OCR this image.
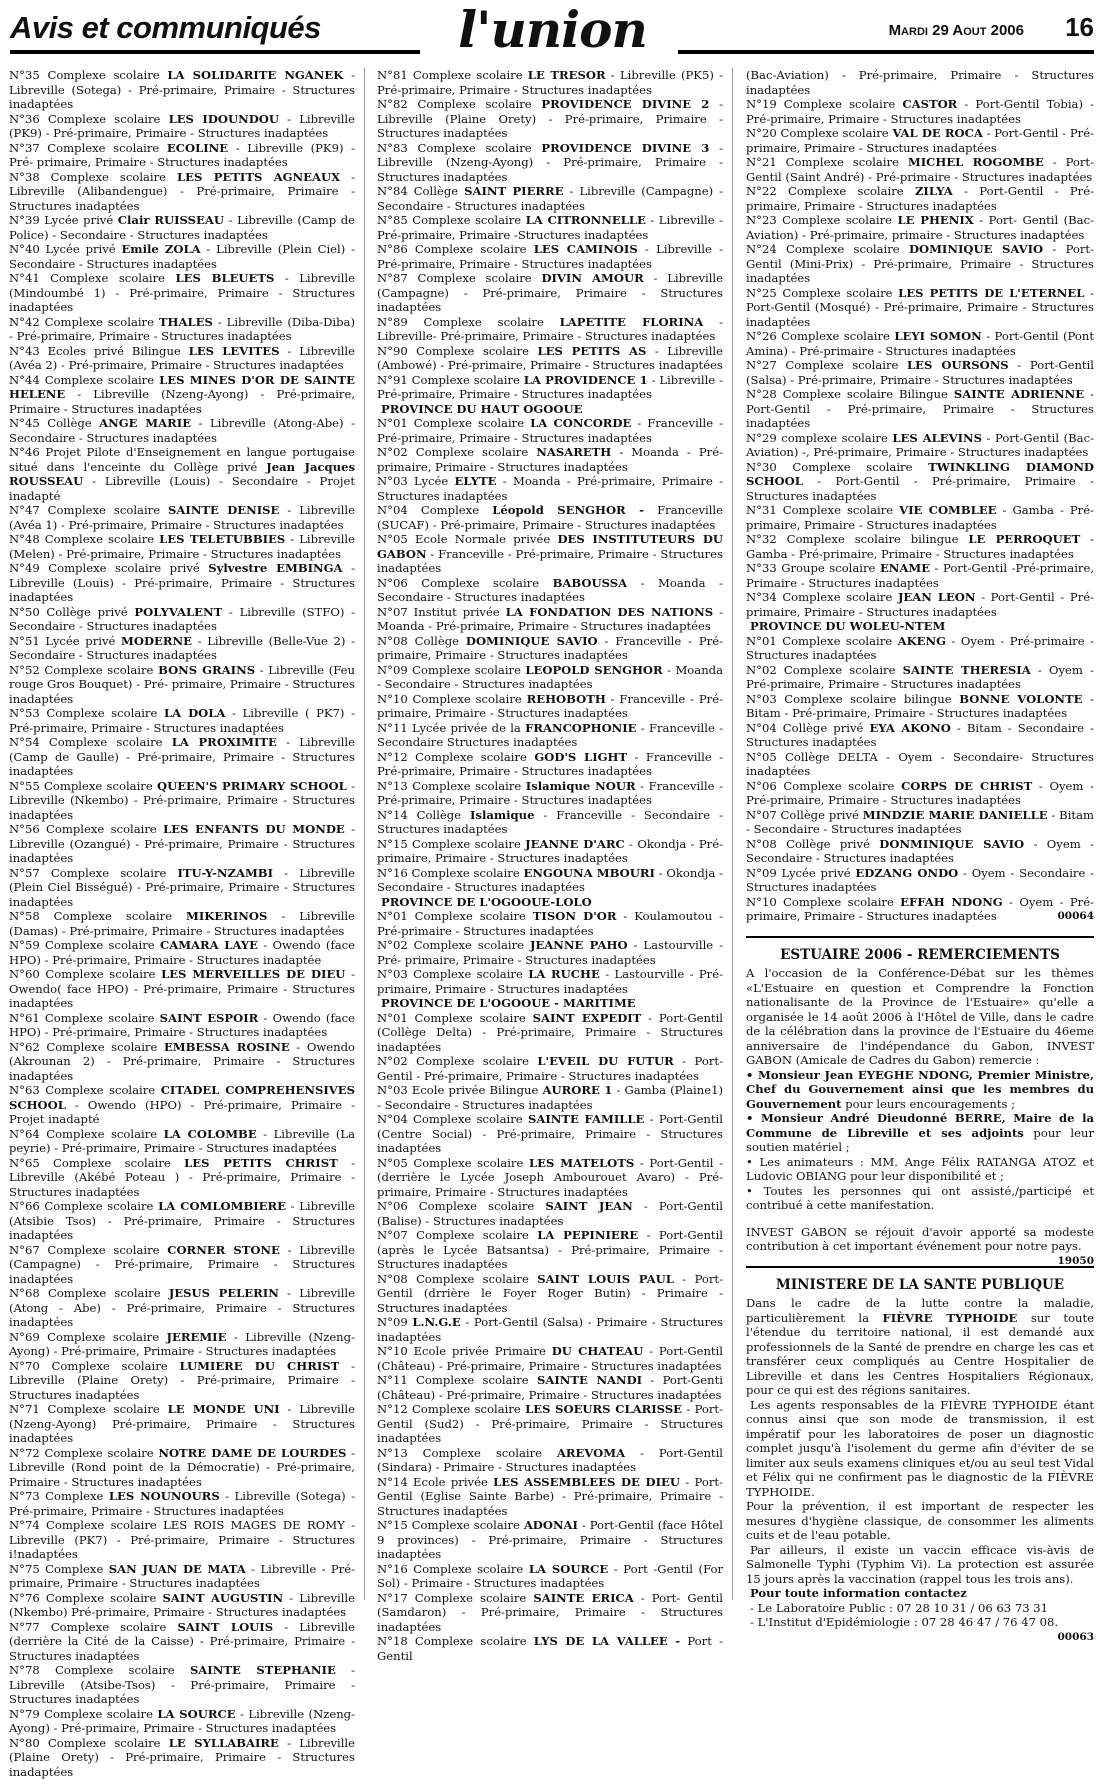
Avis et communiqués	l'union	Mardi 29 Aout 2006 16

N°35 Complexe scolaire LA SOLIDARITE NGANEK - Libreville (Sotega) - Pré-primaire, Primaire - Structures inadaptées

N°36 Complexe scolaire LES IDOUNDOU - Libreville (PK9) - Pré-primaire, Primaire - Structures inadaptées

N°37 Complexe scolaire ECOLINE - Libreville (PK9) - Pré- primaire, Primaire - Structures inadaptées

N°38 Complexe scolaire LES PETITS AGNEAUX - Libreville (Alibandengue) - Pré-primaire, Primaire - Structures inadaptées

N°39 Lycée privé Clair RUISSEAU - Libreville (Camp de Police) - Secondaire - Structures inadaptées

N°40 Lycée privé Emile ZOLA - Libreville (Plein Ciel) - Secondaire - Structures inadaptées

N°41 Complexe scolaire LES BLEUETS - Libreville (Mindoumbé 1) - Pré-primaire, Primaire - Structures inadaptées

N°42 Complexe scolaire THALES - Libreville (Diba-Diba) - Pré-primaire, Primaire - Structures inadaptées

N°43 Ecoles privé Bilingue LES LEVITES - Libreville (Avéa 2) - Pré-primaire, Primaire - Structures inadaptées

N°44 Complexe scolaire LES MINES D'OR DE SAINTE HELENE - Libreville (Nzeng-Ayong) - Pré-primaire, Primaire - Structures inadaptées

N°45 Collège ANGE MARIE - Libreville (Atong-Abe) - Secondaire - Structures inadaptées

N°46 Projet Pilote d'Enseignement en langue portugaise situé dans l'enceinte du Collège privé Jean Jacques ROUSSEAU - Libreville (Louis) - Secondaire - Projet inadapté

N°47 Complexe scolaire SAINTE DENISE - Libreville (Avéa 1) - Pré-primaire, Primaire - Structures inadaptées

N°48 Complexe scolaire LES TELETUBBIES - Libreville (Melen) - Pré-primaire, Primaire - Structures inadaptées

N°49 Complexe scolaire privé Sylvestre EMBINGA - Libreville (Louis) - Pré-primaire, Primaire - Structures inadaptées

N°50 Collège privé POLYVALENT - Libreville (STFO) - Secondaire - Structures inadaptées

N°51 Lycée privé MODERNE - Libreville (Belle-Vue 2) - Secondaire - Structures inadaptées

N°52 Complexe scolaire BONS GRAINS - Libreville (Feu rouge Gros Bouquet) - Pré- primaire, Primaire - Structures inadaptées

N°53 Complexe scolaire LA DOLA - Libreville ( PK7) - Pré-primaire, Primaire - Structures inadaptées

N°54 Complexe scolaire LA PROXIMITE - Libreville (Camp de Gaulle) - Pré-primaire, Primaire - Structures inadaptées

N°55 Complexe scolaire QUEEN'S PRIMARY SCHOOL - Libreville (Nkembo) - Pré-primaire, Primaire - Structures inadaptées

N°56 Complexe scolaire LES ENFANTS DU MONDE - Libreville (Ozangué) - Pré-primaire, Primaire - Structures inadaptées

N°57 Complexe scolaire ITU-Y-NZAMBI - Libreville (Plein Ciel Bisségué) - Pré-primaire, Primaire - Structures inadaptées

N°58 Complexe scolaire MIKERINOS - Libreville (Damas) - Pré-primaire, Primaire - Structures inadaptées

N°59 Complexe scolaire CAMARA LAYE - Owendo (face HPO) - Pré-primaire, Primaire - Structures inadaptée

N°60 Complexe scolaire LES MERVEILLES DE DIEU - Owendo( face HPO) - Pré-primaire, Primaire - Structures inadaptées

N°61 Complexe scolaire SAINT ESPOIR - Owendo (face HPO) - Pré-primaire, Primaire - Structures inadaptées

N°62 Complexe scolaire EMBESSA ROSINE - Owendo (Akrounan 2) - Pré-primaire, Primaire - Structures inadaptées

N°63 Complexe scolaire CITADEL COMPREHENSIVES SCHOOL - Owendo (HPO) - Pré-primaire, Primaire - Projet inadapté

N°64 Complexe scolaire LA COLOMBE - Libreville (La peyrie) - Pré-primaire, Primaire - Structures inadaptées

N°65 Complexe scolaire LES PETITS CHRIST - Libreville (Akébé Poteau ) - Pré-primaire, Primaire - Structures inadaptées

N°66 Complexe scolaire LA COMLOMBIERE - Libreville (Atsibie Tsos) - Pré-primaire, Primaire - Structures inadaptées

N°67 Complexe scolaire CORNER STONE - Libreville (Campagne) - Pré-primaire, Primaire - Structures inadaptées

N°68 Complexe scolaire JESUS PELERIN - Libreville (Atong - Abe) - Pré-primaire, Primaire - Structures inadaptées

N°69 Complexe scolaire JEREMIE - Libreville (Nzeng-Ayong) - Pré-primaire, Primaire - Structures inadaptées

N°70 Complexe scolaire LUMIERE DU CHRIST - Libreville (Plaine Orety) - Pré-primaire, Primaire - Structures inadaptées

N°71 Complexe scolaire LE MONDE UNI - Libreville (Nzeng-Ayong) Pré-primaire, Primaire - Structures inadaptées

N°72 Complexe scolaire NOTRE DAME DE LOURDES - Libreville (Rond point de la Démocratie) - Pré-primaire, Primaire - Structures inadaptées

N°73 Complexe LES NOUNOURS - Libreville (Sotega) - Pré-primaire, Primaire - Structures inadaptées

N°74 Complexe scolaire LES ROIS MAGES DE ROMY - Libreville (PK7) - Pré-primaire, Primaire - Structures i!nadaptées

N°75 Complexe SAN JUAN DE MATA - Libreville - Pré-primaire, Primaire - Structures inadaptées

N°76 Complexe scolaire SAINT AUGUSTIN - Libreville (Nkembo) Pré-primaire, Primaire - Structures inadaptées

N°77 Complexe scolaire SAINT LOUIS - Libreville (derrière la Cité de la Caisse) - Pré-primaire, Primaire - Structures inadaptées

N°78 Complexe scolaire SAINTE STEPHANIE - Libreville (Atsibe-Tsos) - Pré-primaire, Primaire - Structures inadaptées

N°79 Complexe scolaire LA SOURCE - Libreville (Nzeng-Ayong) - Pré-primaire, Primaire - Structures inadaptées

N°80 Complexe scolaire LE SYLLABAIRE - Libreville (Plaine Orety) - Pré-primaire, Primaire - Structures inadaptées

N°81 Complexe scolaire LE TRESOR - Libreville (PK5) - Pré-primaire, Primaire - Structures inadaptées

N°82 Complexe scolaire PROVIDENCE DIVINE 2 - Libreville (Plaine Orety) - Pré-primaire, Primaire - Structures inadaptées

N°83 Complexe scolaire PROVIDENCE DIVINE 3 - Libreville (Nzeng-Ayong) - Pré-primaire, Primaire - Structures inadaptées

N°84 Collège SAINT PIERRE - Libreville (Campagne) - Secondaire - Structures inadaptées

N°85 Complexe scolaire LA CITRONNELLE - Libreville - Pré-primaire, Primaire -Structures inadaptées

N°86 Complexe scolaire LES CAMINOIS - Libreville - Pré-primaire, Primaire - Structures inadaptées

N°87 Complexe scolaire DIVIN AMOUR - Libreville (Campagne) - Pré-primaire, Primaire - Structures inadaptées

N°89 Complexe scolaire LAPETITE FLORINA - Libreville- Pré-primaire, Primaire - Structures inadaptées

N°90 Complexe scolaire LES PETITS AS - Libreville (Ambowé) - Pré-primaire, Primaire - Structures inadaptées

N°91 Complexe scolaire LA PROVIDENCE 1 - Libreville - Pré-primaire, Primaire - Structures inadaptées

PROVINCE DU HAUT OGOOUE

N°01 Complexe scolaire LA CONCORDE - Franceville - Pré-primaire, Primaire - Structures inadaptées

N°02 Complexe scolaire NASARETH - Moanda - Pré-primaire, Primaire - Structures inadaptées

N°03 Lycée ELYTE - Moanda - Pré-primaire, Primaire - Structures inadaptées

N°04 Complexe Léopold SENGHOR - Franceville (SUCAF) - Pré-primaire, Primaire - Structures inadaptées

N°05 Ecole Normale privée DES INSTITUTEURS DU GABON - Franceville - Pré-primaire, Primaire - Structures inadaptées

N°06 Complexe scolaire BABOUSSA - Moanda - Secondaire - Structures inadaptées

N°07 Institut privée LA FONDATION DES NATIONS - Moanda - Pré-primaire, Primaire - Structures inadaptées

N°08 Collège DOMINIQUE SAVIO - Franceville - Pré-primaire, Primaire - Structures inadaptées

N°09 Complexe scolaire LEOPOLD SENGHOR - Moanda - Secondaire - Structures inadaptées

N°10 Complexe scolaire REHOBOTH - Franceville - Pré-primaire, Primaire - Structures inadaptées

N°11 Lycée privée de la FRANCOPHONIE - Franceville - Secondaire Structures inadaptées

N°12 Complexe scolaire GOD'S LIGHT - Franceville - Pré-primaire, Primaire - Structures inadaptées

N°13 Complexe scolaire Islamique NOUR - Franceville - Pré-primaire, Primaire - Structures inadaptées

N°14 Collège Islamique - Franceville - Secondaire - Structures inadaptées

N°15 Complexe scolaire JEANNE D'ARC - Okondja - Pré-primaire, Primaire - Structures inadaptées

N°16 Complexe scolaire ENGOUNA MBOURI - Okondja - Secondaire - Structures inadaptées

PROVINCE DE L'OGOOUE-LOLO

N°01 Complexe scolaire TISON D'OR - Koulamoutou - Pré-primaire - Structures inadaptées

N°02 Complexe scolaire JEANNE PAHO - Lastourville - Pré- primaire, Primaire - Structures inadaptées

N°03 Complexe scolaire LA RUCHE - Lastourville - Pré-primaire, Primaire - Structures inadaptées

PROVINCE DE L'OGOOUE - MARITIME

N°01 Complexe scolaire SAINT EXPEDIT - Port-Gentil (Collège Delta) - Pré-primaire, Primaire - Structures inadaptées

N°02 Complexe scolaire L'EVEIL DU FUTUR - Port-Gentil - Pré-primaire, Primaire - Structures inadaptées

N°03 Ecole privée Bilingue AURORE 1 - Gamba (Plaine1) - Secondaire - Structures inadaptées

N°04 Complexe scolaire SAINTE FAMILLE - Port-Gentil (Centre Social) - Pré-primaire, Primaire - Structures inadaptées

N°05 Complexe scolaire LES MATELOTS - Port-Gentil - (derrière le Lycée Joseph Ambourouet Avaro) - Pré-primaire, Primaire - Structures inadaptées

N°06 Complexe scolaire SAINT JEAN - Port-Gentil (Balise) - Structures inadaptées

N°07 Complexe scolaire LA PEPINIERE - Port-Gentil (après le Lycée Batsantsa) - Pré-primaire, Primaire - Structures inadaptées

N°08 Complexe scolaire SAINT LOUIS PAUL - Port-Gentil (drrière le Foyer Roger Butin) - Primaire - Structures inadaptées

N°09 L.N.G.E - Port-Gentil (Salsa) - Primaire - Structures inadaptées

N°10 Ecole privée Primaire DU CHATEAU - Port-Gentil (Château) - Pré-primaire, Primaire - Structures inadaptées

N°11 Complexe scolaire SAINTE NANDI - Port-Genti (Château) - Pré-primaire, Primaire - Structures inadaptées

N°12 Complexe scolaire LES SOEURS CLARISSE - Port-Gentil (Sud2) - Pré-primaire, Primaire - Structures inadaptées

N°13 Complexe scolaire AREVOMA - Port-Gentil (Sindara) - Primaire - Structures inadaptées

N°14 Ecole privée LES ASSEMBLEES DE DIEU - Port-Gentil (Eglise Sainte Barbe) - Pré-primaire, Primaire - Structures inadaptées

N°15 Complexe scolaire ADONAI - Port-Gentil (face Hôtel 9 provinces) - Pré-primaire, Primaire - Structures inadaptées

N°16 Complexe scolaire LA SOURCE - Port -Gentil (For Sol) - Primaire - Structures inadaptées

N°17 Complexe scolaire SAINTE ERICA - Port- Gentil (Samdaron) - Pré-primaire, Primaire - Structures inadaptées

N°18 Complexe scolaire LYS DE LA VALLEE - Port -Gentil

(Bac-Aviation) - Pré-primaire, Primaire - Structures inadaptées

N°19 Complexe scolaire CASTOR - Port-Gentil Tobia) - Pré-primaire, Primaire - Structures inadaptées

N°20 Complexe scolaire VAL DE ROCA - Port-Gentil - Pré-primaire, Primaire - Structures inadaptées

N°21 Complexe scolaire MICHEL ROGOMBE - Port-Gentil (Saint André) - Pré-primaire - Structures inadaptées

N°22 Complexe scolaire ZILYA - Port-Gentil - Pré-primaire, Primaire - Structures inadaptées

N°23 Complexe scolaire LE PHENIX - Port- Gentil (Bac-Aviation) - Pré-primaire, primaire - Structures inadaptées

N°24 Complexe scolaire DOMINIQUE SAVIO - Port- Gentil (Mini-Prix) - Pré-primaire, Primaire - Structures inadaptées

N°25 Complexe scolaire LES PETITS DE L'ETERNEL - Port-Gentil (Mosqué) - Pré-primaire, Primaire - Structures inadaptées

N°26 Complexe scolaire LEYI SOMON - Port-Gentil (Pont Amina) - Pré-primaire - Structures inadaptées

N°27 Complexe scolaire LES OURSONS - Port-Gentil (Salsa) - Pré-primaire, Primaire - Structures inadaptées

N°28 Complexe scolaire Bilingue SAINTE ADRIENNE - Port-Gentil - Pré-primaire, Primaire - Structures inadaptées

N°29 complexe scolaire LES ALEVINS - Port-Gentil (Bac-Aviation) -, Pré-primaire, Primaire - Structures inadaptées

N°30 Complexe scolaire TWINKLING DIAMOND SCHOOL - Port-Gentil - Pré-primaire, Primaire - Structures inadaptées

N°31 Complexe scolaire VIE COMBLEE - Gamba - Pré-primaire, Primaire - Structures inadaptées

N°32 Complexe scolaire bilingue LE PERROQUET - Gamba - Pré-primaire, Primaire - Structures inadaptées

N°33 Groupe scolaire ENAME - Port-Gentil -Pré-primaire, Primaire - Structures inadaptées

N°34 Complexe scolaire JEAN LEON - Port-Gentil - Pré-primaire, Primaire - Structures inadaptées

PROVINCE DU WOLEU-NTEM

N°01 Complexe scolaire AKENG - Oyem - Pré-primaire - Structures inadaptées

N°02 Complexe scolaire SAINTE THERESIA - Oyem - Pré-primaire, Primaire - Structures inadaptées

N°03 Complexe scolaire bilingue BONNE VOLONTE - Bitam - Pré-primaire, Primaire - Structures inadaptées

N°04 Collège privé EYA AKONO - Bitam - Secondaire - Structures inadaptées

N°05 Collège DELTA - Oyem - Secondaire- Structures inadaptées

N°06 Complexe scolaire CORPS DE CHRIST - Oyem - Pré-primaire, Primaire - Structures inadaptées

N°07 Collège privé MINDZIE MARIE DANIELLE - Bitam - Secondaire - Structures inadaptées

N°08 Collège privé DONMINIQUE SAVIO - Oyem - Secondaire - Structures inadaptées

N°09 Lycée privé EDZANG ONDO - Oyem - Secondaire - Structures inadaptées

N°10 Complexe scolaire EFFAH NDONG - Oyem - Pré-primaire, Primaire - Structures inadaptées	00064

ESTUAIRE 2006 - REMERCIEMENTS

A l'occasion de la Conférence-Débat sur les thèmes «L'Estuaire en question et Comprendre la Fonction nationalisante de la Province de l'Estuaire» qu'elle a organisée le 14 août 2006 à l'Hôtel de Ville, dans le cadre de la célébration dans la province de l'Estuaire du 46eme anniversaire de l'indépendance du Gabon, INVEST GABON (Amicale de Cadres du Gabon) remercie :

• Monsieur Jean EYEGHE NDONG, Premier Ministre, Chef du Gouvernement ainsi que les membres du Gouvernement pour leurs encouragements ;

• Monsieur André Dieudonné BERRE, Maire de la Commune de Libreville et ses adjoints pour leur soutien matériel ;

• Les animateurs : MM. Ange Félix RATANGA ATOZ et Ludovic OBIANG pour leur disponibilité et ;

• Toutes les personnes qui ont assisté,/participé et contribué à cette manifestation.

INVEST GABON se réjouit d'avoir apporté sa modeste contribution à cet important événement pour notre pays.
19050

MINISTERE DE LA SANTE PUBLIQUE

Dans le cadre de la lutte contre la maladie, particulièrement la FIÈVRE TYPHOIDE sur toute l'étendue du territoire national, il est demandé aux professionnels de la Santé de prendre en charge les cas et transférer ceux compliqués au Centre Hospitalier de Libreville et dans les Centres Hospitaliers Régionaux, pour ce qui est des régions sanitaires.

Les agents responsables de la FIÈVRE TYPHOIDE étant connus ainsi que son mode de transmission, il est impératif pour les laboratoires de poser un diagnostic complet jusqu'à l'isolement du germe afin d'éviter de se limiter aux seuls examens cliniques et/ou au seul test Vidal et Félix qui ne confirment pas le diagnostic de la FIÈVRE TYPHOIDE.

Pour la prévention, il est important de respecter les mesures d'hygiène classique, de consommer les aliments cuits et de l'eau potable.

Par ailleurs, il existe un vaccin efficace vis-àvis de Salmonelle Typhi (Typhim Vi). La protection est assurée 15 jours après la vaccination (rappel tous les trois ans).

Pour toute information contactez

- Le Laboratoire Public : 07 28 10 31 / 06 63 73 31

- L'Institut d'Epidémiologie : 07 28 46 47 / 76 47 08.
00063
